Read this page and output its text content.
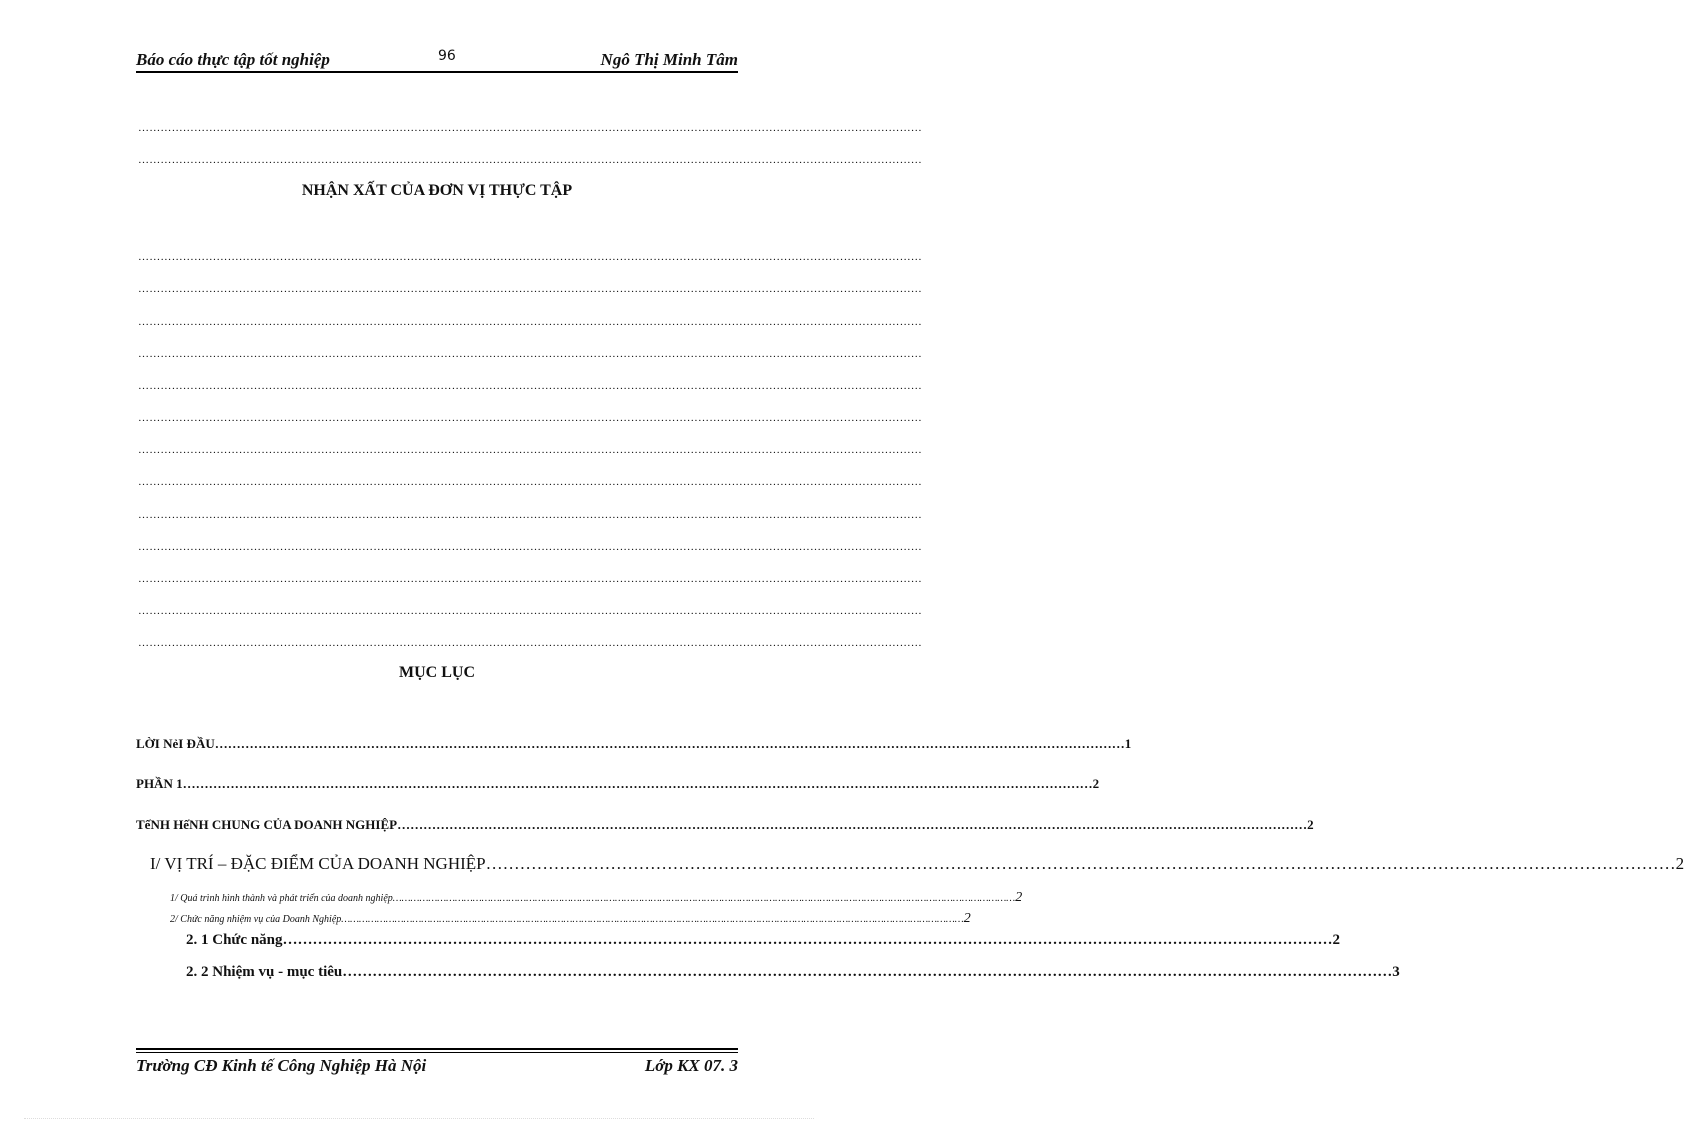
Báo cáo thực tập tốt nghiệp	96	Ngô Thị Minh Tâm
…………………………………………………………………………………………………………………………………………………………………………………………
…………………………………………………………………………………………………………………………………………………………………………………………
NHẬN XẤT CỦA ĐƠN VỊ THỰC TẬP
…………………………………………………………………………………………………………………………………………………………………………………………
…………………………………………………………………………………………………………………………………………………………………………………………
…………………………………………………………………………………………………………………………………………………………………………………………
…………………………………………………………………………………………………………………………………………………………………………………………
…………………………………………………………………………………………………………………………………………………………………………………………
…………………………………………………………………………………………………………………………………………………………………………………………
…………………………………………………………………………………………………………………………………………………………………………………………
…………………………………………………………………………………………………………………………………………………………………………………………
…………………………………………………………………………………………………………………………………………………………………………………………
…………………………………………………………………………………………………………………………………………………………………………………………
…………………………………………………………………………………………………………………………………………………………………………………………
…………………………………………………………………………………………………………………………………………………………………………………………
…………………………………………………………………………………………………………………………………………………………………………………………
MỤC LỤC
LỜI NẻI ĐẦU ………………………………………………………………………………………………………………………………………………………………………………………… 1
PHẦN 1 ………………………………………………………………………………………………………………………………………………………………………………………… 2
TếNH HếNH CHUNG CỦA DOANH NGHIỆP ………………………………………………………………………………………………………………………………………………………………………………………… 2
I/ VỊ TRÍ – ĐẶC ĐIỂM CỦA DOANH NGHIỆP ………………………………………………………………………………………………………………………………………………………………………………………… 2
1/ Quá trình hình thành và phát triển của doanh nghiệp ………………………………………………………………………………………………………………………………………………………………………………………… 2
2/ Chức năng nhiệm vụ của Doanh Nghiệp ………………………………………………………………………………………………………………………………………………………………………………………… 2
2. 1 Chức năng ………………………………………………………………………………………………………………………………………………………………………………………… 2
2. 2 Nhiệm vụ - mục tiêu ………………………………………………………………………………………………………………………………………………………………………………………… 3
Trường CĐ Kinh tế Công Nghiệp Hà Nội	Lớp KX 07. 3
